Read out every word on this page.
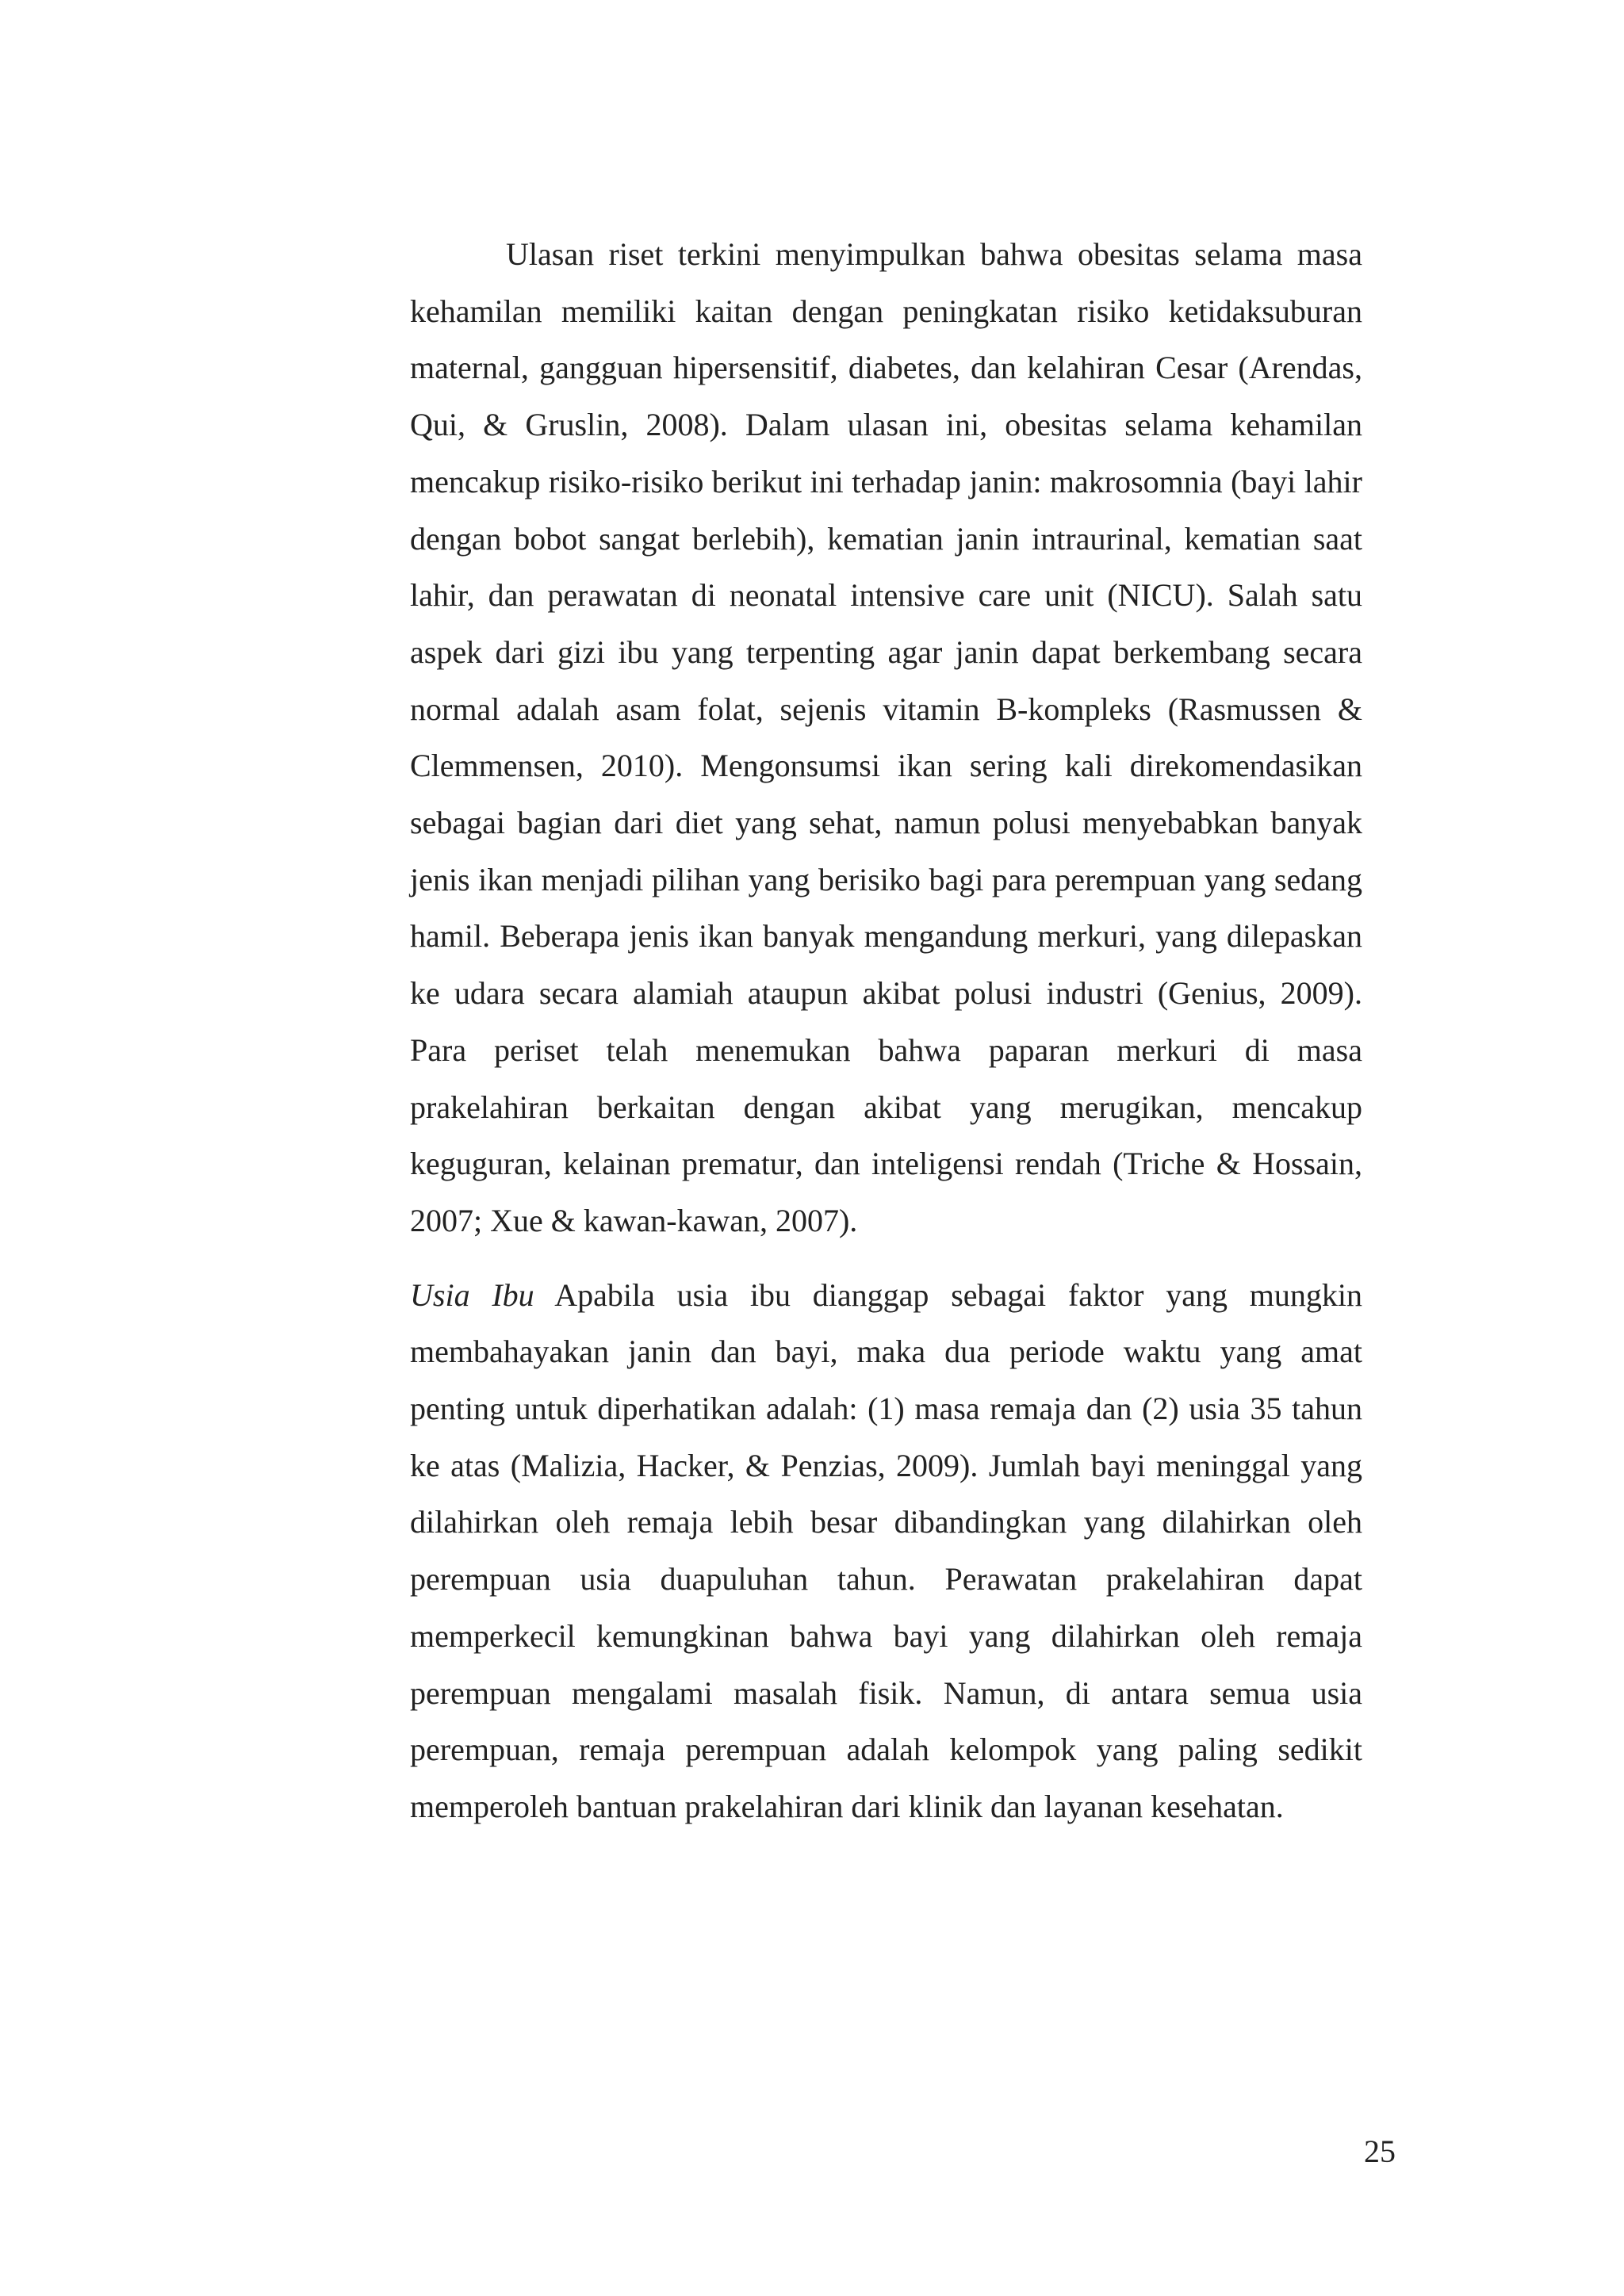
Ulasan riset terkini menyimpulkan bahwa obesitas selama masa kehamilan memiliki kaitan dengan peningkatan risiko ketidaksuburan maternal, gangguan hipersensitif, diabetes, dan kelahiran Cesar (Arendas, Qui, & Gruslin, 2008). Dalam ulasan ini, obesitas selama kehamilan mencakup risiko-risiko berikut ini terhadap janin: makrosomnia (bayi lahir dengan bobot sangat berlebih), kematian janin intraurinal, kematian saat lahir, dan perawatan di neonatal intensive care unit (NICU). Salah satu aspek dari gizi ibu yang terpenting agar janin dapat berkembang secara normal adalah asam folat, sejenis vitamin B-kompleks (Rasmussen & Clemmensen, 2010). Mengonsumsi ikan sering kali direkomendasikan sebagai bagian dari diet yang sehat, namun polusi menyebabkan banyak jenis ikan menjadi pilihan yang berisiko bagi para perempuan yang sedang hamil. Beberapa jenis ikan banyak mengandung merkuri, yang dilepaskan ke udara secara alamiah ataupun akibat polusi industri (Genius, 2009). Para periset telah menemukan bahwa paparan merkuri di masa prakelahiran berkaitan dengan akibat yang merugikan, mencakup keguguran, kelainan prematur, dan inteligensi rendah (Triche & Hossain, 2007; Xue & kawan-kawan, 2007).

Usia Ibu Apabila usia ibu dianggap sebagai faktor yang mungkin membahayakan janin dan bayi, maka dua periode waktu yang amat penting untuk diperhatikan adalah: (1) masa remaja dan (2) usia 35 tahun ke atas (Malizia, Hacker, & Penzias, 2009). Jumlah bayi meninggal yang dilahirkan oleh remaja lebih besar dibandingkan yang dilahirkan oleh perempuan usia duapuluhan tahun. Perawatan prakelahiran dapat memperkecil kemungkinan bahwa bayi yang dilahirkan oleh remaja perempuan mengalami masalah fisik. Namun, di antara semua usia perempuan, remaja perempuan adalah kelompok yang paling sedikit memperoleh bantuan prakelahiran dari klinik dan layanan kesehatan.

25
